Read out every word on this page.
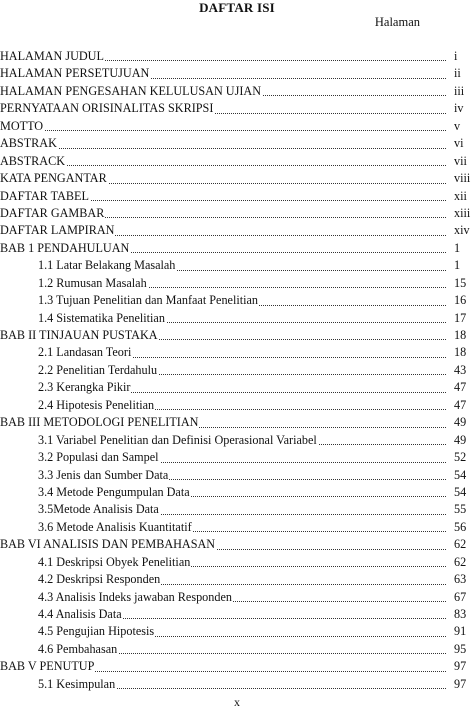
DAFTAR ISI
Halaman
HALAMAN JUDUL	i
HALAMAN PERSETUJUAN	ii
HALAMAN PENGESAHAN KELULUSAN UJIAN	iii
PERNYATAAN ORISINALITAS SKRIPSI	iv
MOTTO	v
ABSTRAK	vi
ABSTRACK	vii
KATA PENGANTAR	viii
DAFTAR TABEL	xii
DAFTAR GAMBAR	xiii
DAFTAR LAMPIRAN	xiv
BAB 1 PENDAHULUAN	1
1.1 Latar Belakang Masalah	1
1.2 Rumusan Masalah	15
1.3 Tujuan Penelitian dan Manfaat Penelitian	16
1.4 Sistematika Penelitian	17
BAB II TINJAUAN PUSTAKA	18
2.1 Landasan Teori	18
2.2 Penelitian Terdahulu	43
2.3 Kerangka Pikir	47
2.4 Hipotesis Penelitian	47
BAB III METODOLOGI PENELITIAN	49
3.1 Variabel Penelitian dan Definisi Operasional Variabel	49
3.2 Populasi dan Sampel	52
3.3 Jenis dan Sumber Data	54
3.4 Metode Pengumpulan Data	54
3.5Metode Analisis Data	55
3.6 Metode Analisis Kuantitatif	56
BAB VI ANALISIS DAN PEMBAHASAN	62
4.1 Deskripsi Obyek Penelitian	62
4.2 Deskripsi Responden	63
4.3 Analisis Indeks jawaban Responden	67
4.4 Analisis Data	83
4.5 Pengujian Hipotesis	91
4.6 Pembahasan	95
BAB V PENUTUP	97
5.1 Kesimpulan	97
x
